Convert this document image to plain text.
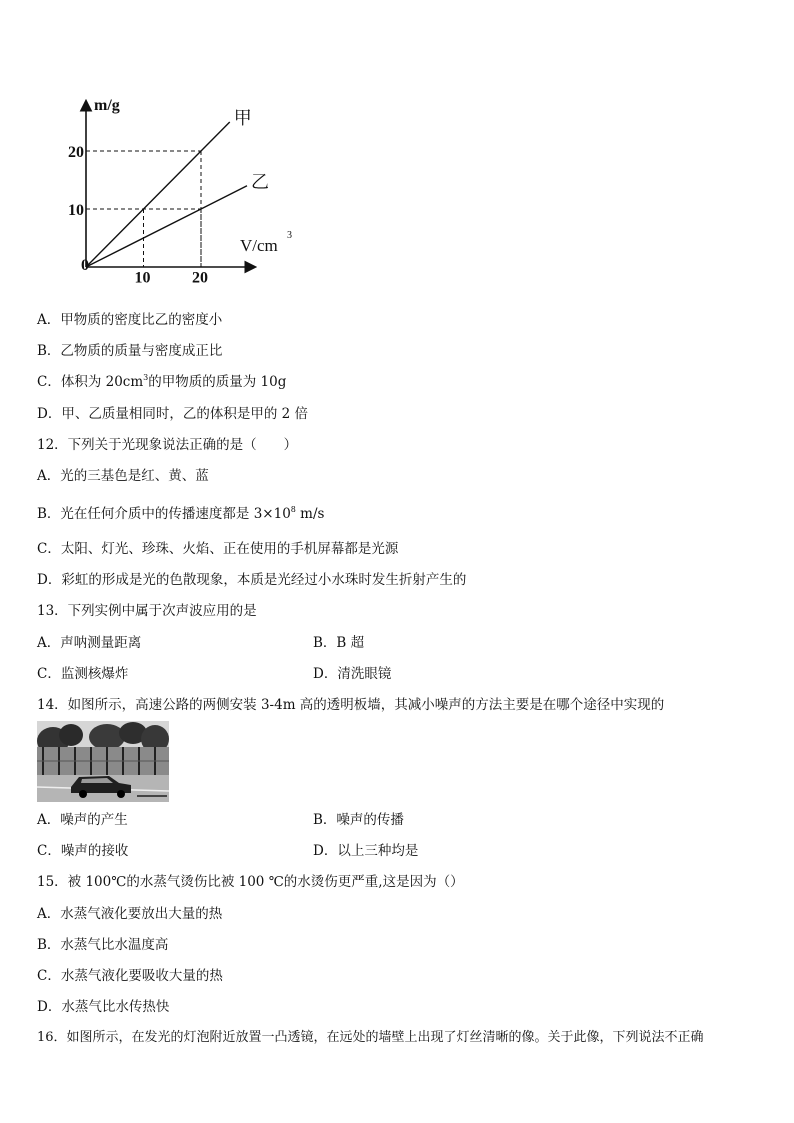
m/g
V/cm
3
0
10	20
10
20
甲
乙
A．甲物质的密度比乙的密度小
B．乙物质的质量与密度成正比
C．体积为 $20cm^3$的甲物质的质量为 10g
D．甲、乙质量相同时，乙的体积是甲的 2 倍
12．下列关于光现象说法正确的是（　　）
A．光的三基色是红、黄、蓝
B．光在任何介质中的传播速度都是 $3\times 10^8$ m/s
C．太阳、灯光、珍珠、火焰、正在使用的手机屏幕都是光源
D．彩虹的形成是光的色散现象，本质是光经过小水珠时发生折射产生的
13．下列实例中属于次声波应用的是
A．声呐测量距离	B．B 超
C．监测核爆炸	D．清洗眼镜
14．如图所示，高速公路的两侧安装 3-4m 高的透明板墙，其减小噪声的方法主要是在哪个途径中实现的
A．噪声的产生	B．噪声的传播
C．噪声的接收	D．以上三种均是
15．被 100℃的水蒸气烫伤比被 100 ℃的水烫伤更严重,这是因为（）
A．水蒸气液化要放出大量的热
B．水蒸气比水温度高
C．水蒸气液化要吸收大量的热
D．水蒸气比水传热快
16．如图所示，在发光的灯泡附近放置一凸透镜，在远处的墙壁上出现了灯丝清晰的像。关于此像，下列说法不正确
